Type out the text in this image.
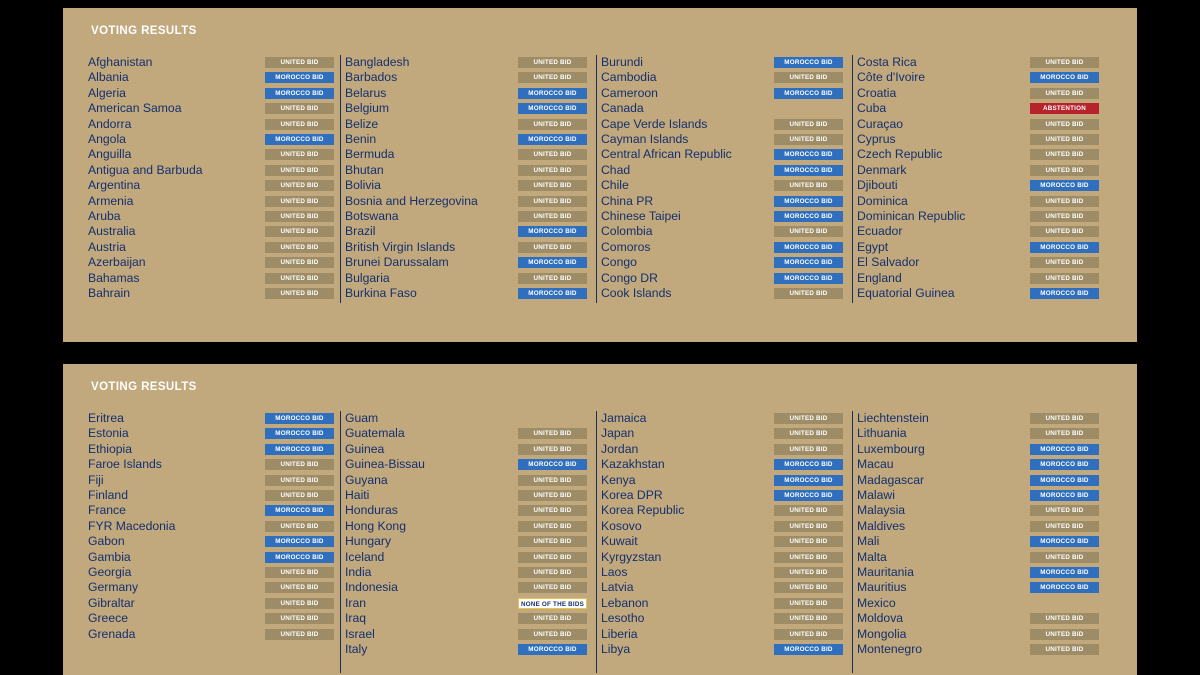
VOTING RESULTS
Afghanistan	UNITED BID
Albania	MOROCCO BID
Algeria	MOROCCO BID
American Samoa	UNITED BID
Andorra	UNITED BID
Angola	MOROCCO BID
Anguilla	UNITED BID
Antigua and Barbuda	UNITED BID
Argentina	UNITED BID
Armenia	UNITED BID
Aruba	UNITED BID
Australia	UNITED BID
Austria	UNITED BID
Azerbaijan	UNITED BID
Bahamas	UNITED BID
Bahrain	UNITED BID
Bangladesh	UNITED BID
Barbados	UNITED BID
Belarus	MOROCCO BID
Belgium	MOROCCO BID
Belize	UNITED BID
Benin	MOROCCO BID
Bermuda	UNITED BID
Bhutan	UNITED BID
Bolivia	UNITED BID
Bosnia and Herzegovina	UNITED BID
Botswana	UNITED BID
Brazil	MOROCCO BID
British Virgin Islands	UNITED BID
Brunei Darussalam	MOROCCO BID
Bulgaria	UNITED BID
Burkina Faso	MOROCCO BID
Burundi	MOROCCO BID
Cambodia	UNITED BID
Cameroon	MOROCCO BID
Canada
Cape Verde Islands	UNITED BID
Cayman Islands	UNITED BID
Central African Republic	MOROCCO BID
Chad	MOROCCO BID
Chile	UNITED BID
China PR	MOROCCO BID
Chinese Taipei	MOROCCO BID
Colombia	UNITED BID
Comoros	MOROCCO BID
Congo	MOROCCO BID
Congo DR	MOROCCO BID
Cook Islands	UNITED BID
Costa Rica	UNITED BID
Côte d'Ivoire	MOROCCO BID
Croatia	UNITED BID
Cuba	ABSTENTION
Curaçao	UNITED BID
Cyprus	UNITED BID
Czech Republic	UNITED BID
Denmark	UNITED BID
Djibouti	MOROCCO BID
Dominica	UNITED BID
Dominican Republic	UNITED BID
Ecuador	UNITED BID
Egypt	MOROCCO BID
El Salvador	UNITED BID
England	UNITED BID
Equatorial Guinea	MOROCCO BID
VOTING RESULTS
Eritrea	MOROCCO BID
Estonia	MOROCCO BID
Ethiopia	MOROCCO BID
Faroe Islands	UNITED BID
Fiji	UNITED BID
Finland	UNITED BID
France	MOROCCO BID
FYR Macedonia	UNITED BID
Gabon	MOROCCO BID
Gambia	MOROCCO BID
Georgia	UNITED BID
Germany	UNITED BID
Gibraltar	UNITED BID
Greece	UNITED BID
Grenada	UNITED BID
Guam
Guatemala	UNITED BID
Guinea	UNITED BID
Guinea-Bissau	MOROCCO BID
Guyana	UNITED BID
Haiti	UNITED BID
Honduras	UNITED BID
Hong Kong	UNITED BID
Hungary	UNITED BID
Iceland	UNITED BID
India	UNITED BID
Indonesia	UNITED BID
Iran	NONE OF THE BIDS
Iraq	UNITED BID
Israel	UNITED BID
Italy	MOROCCO BID
Jamaica	UNITED BID
Japan	UNITED BID
Jordan	UNITED BID
Kazakhstan	MOROCCO BID
Kenya	MOROCCO BID
Korea DPR	MOROCCO BID
Korea Republic	UNITED BID
Kosovo	UNITED BID
Kuwait	UNITED BID
Kyrgyzstan	UNITED BID
Laos	UNITED BID
Latvia	UNITED BID
Lebanon	UNITED BID
Lesotho	UNITED BID
Liberia	UNITED BID
Libya	MOROCCO BID
Liechtenstein	UNITED BID
Lithuania	UNITED BID
Luxembourg	MOROCCO BID
Macau	MOROCCO BID
Madagascar	MOROCCO BID
Malawi	MOROCCO BID
Malaysia	UNITED BID
Maldives	UNITED BID
Mali	MOROCCO BID
Malta	UNITED BID
Mauritania	MOROCCO BID
Mauritius	MOROCCO BID
Mexico
Moldova	UNITED BID
Mongolia	UNITED BID
Montenegro	UNITED BID
